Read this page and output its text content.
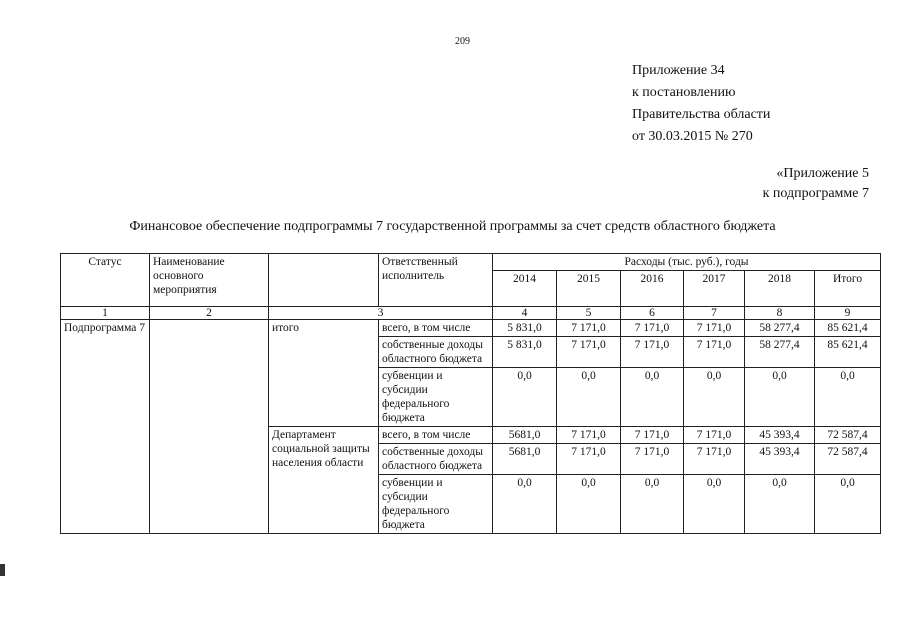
209
Приложение 34
к постановлению
Правительства области
от 30.03.2015 № 270
«Приложение 5
к подпрограмме 7
Финансовое обеспечение подпрограммы 7 государственной программы за счет средств областного бюджета
Статус	Наименование основного мероприятия		Ответственный исполнитель	Расходы (тыс. руб.), годы					
				2014	2015	2016	2017	2018	Итого
1	2	3		4	5	6	7	8	9
Подпрограмма 7		итого	всего, в том числе	5 831,0	7 171,0	7 171,0	7 171,0	58 277,4	85 621,4
			собственные доходы областного бюджета	5 831,0	7 171,0	7 171,0	7 171,0	58 277,4	85 621,4
			субвенции и субсидии федерального бюджета	0,0	0,0	0,0	0,0	0,0	0,0
		Департамент социальной защиты населения области	всего, в том числе	5681,0	7 171,0	7 171,0	7 171,0	45 393,4	72 587,4
			собственные доходы областного бюджета	5681,0	7 171,0	7 171,0	7 171,0	45 393,4	72 587,4
			субвенции и субсидии федерального бюджета	0,0	0,0	0,0	0,0	0,0	0,0
